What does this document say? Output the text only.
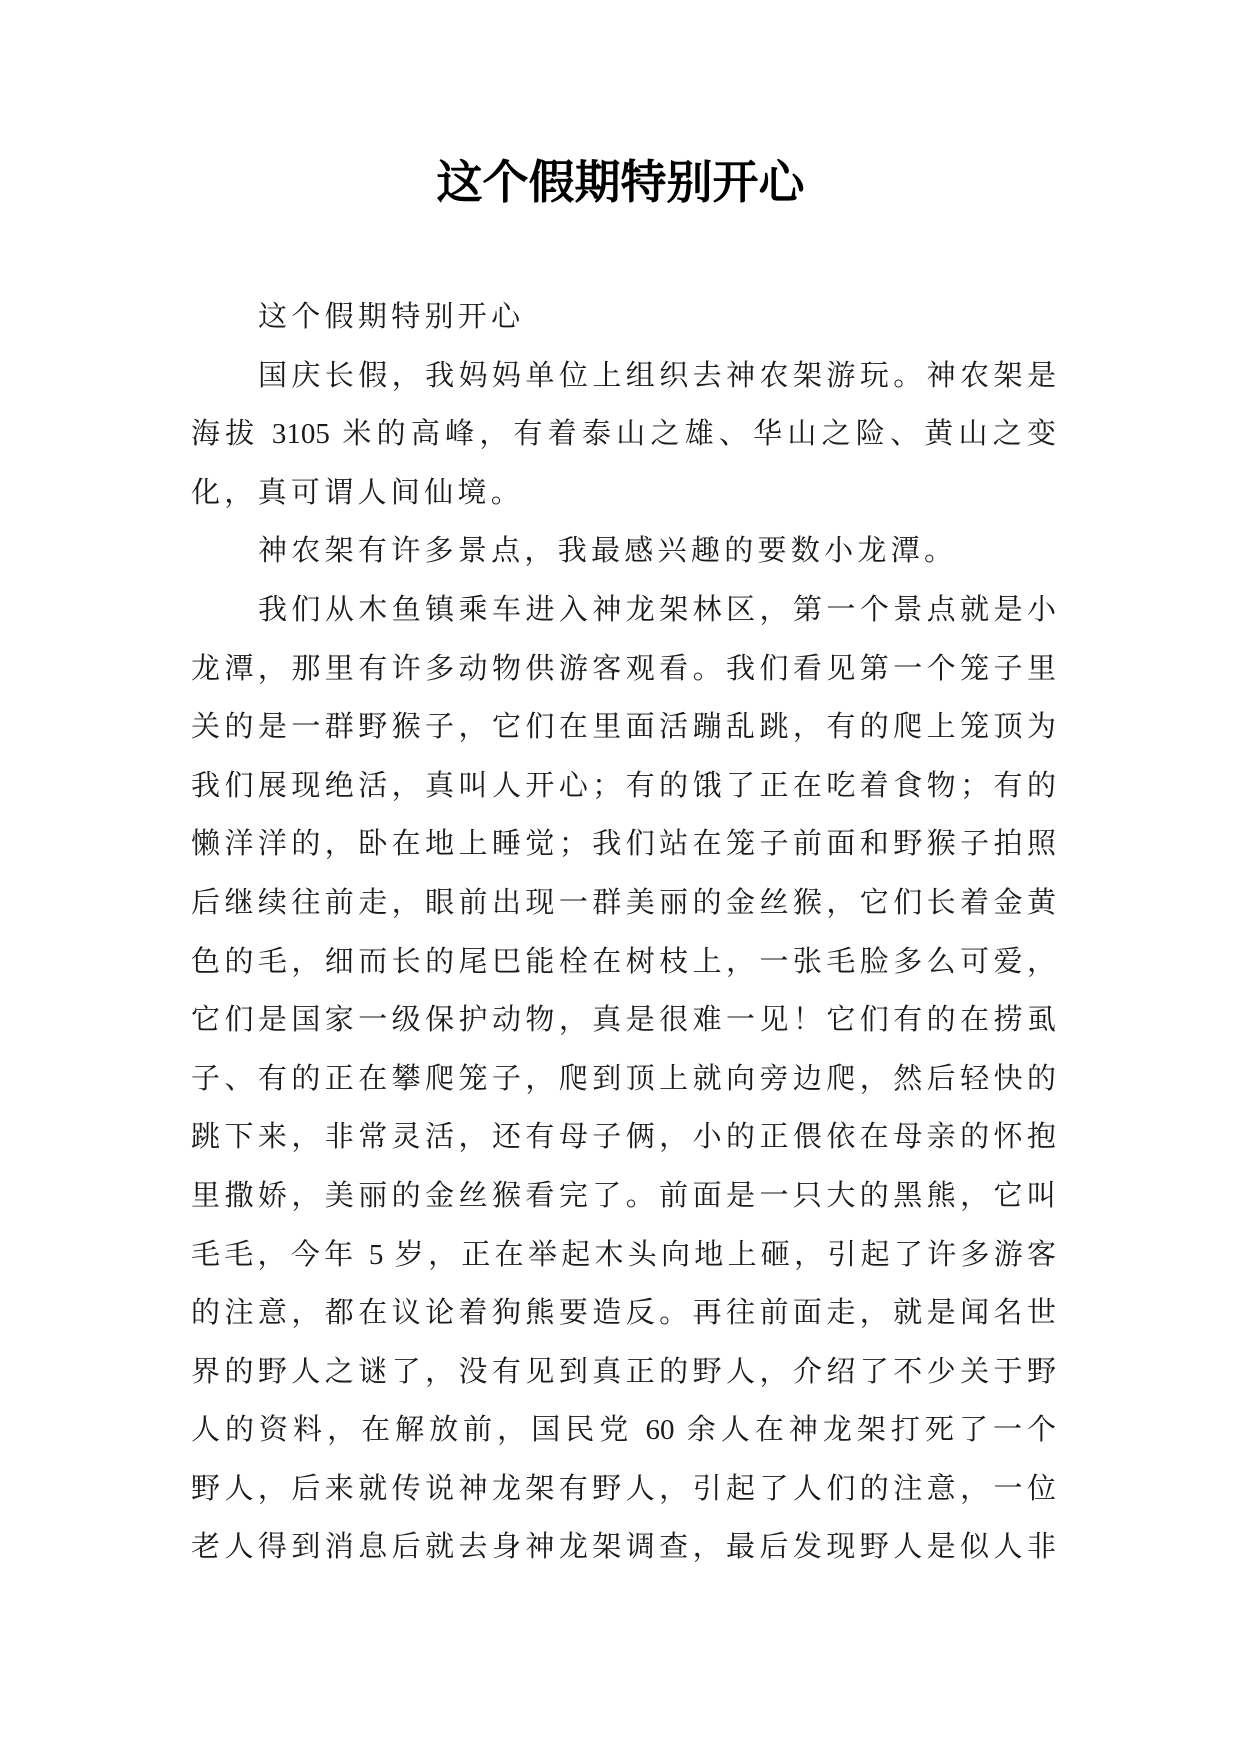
这个假期特别开心
这个假期特别开心
国庆长假，我妈妈单位上组织去神农架游玩。神农架是
海拔 3105 米的高峰，有着泰山之雄、华山之险、黄山之变
化，真可谓人间仙境。
神农架有许多景点，我最感兴趣的要数小龙潭。
我们从木鱼镇乘车进入神龙架林区，第一个景点就是小
龙潭，那里有许多动物供游客观看。我们看见第一个笼子里
关的是一群野猴子，它们在里面活蹦乱跳，有的爬上笼顶为
我们展现绝活，真叫人开心；有的饿了正在吃着食物；有的
懒洋洋的，卧在地上睡觉；我们站在笼子前面和野猴子拍照
后继续往前走，眼前出现一群美丽的金丝猴，它们长着金黄
色的毛，细而长的尾巴能栓在树枝上，一张毛脸多么可爱，
它们是国家一级保护动物，真是很难一见！它们有的在捞虱
子、有的正在攀爬笼子，爬到顶上就向旁边爬，然后轻快的
跳下来，非常灵活，还有母子俩，小的正偎依在母亲的怀抱
里撒娇，美丽的金丝猴看完了。前面是一只大的黑熊，它叫
毛毛，今年 5 岁，正在举起木头向地上砸，引起了许多游客
的注意，都在议论着狗熊要造反。再往前面走，就是闻名世
界的野人之谜了，没有见到真正的野人，介绍了不少关于野
人的资料，在解放前，国民党 60 余人在神龙架打死了一个
野人，后来就传说神龙架有野人，引起了人们的注意，一位
老人得到消息后就去身神龙架调查，最后发现野人是似人非
